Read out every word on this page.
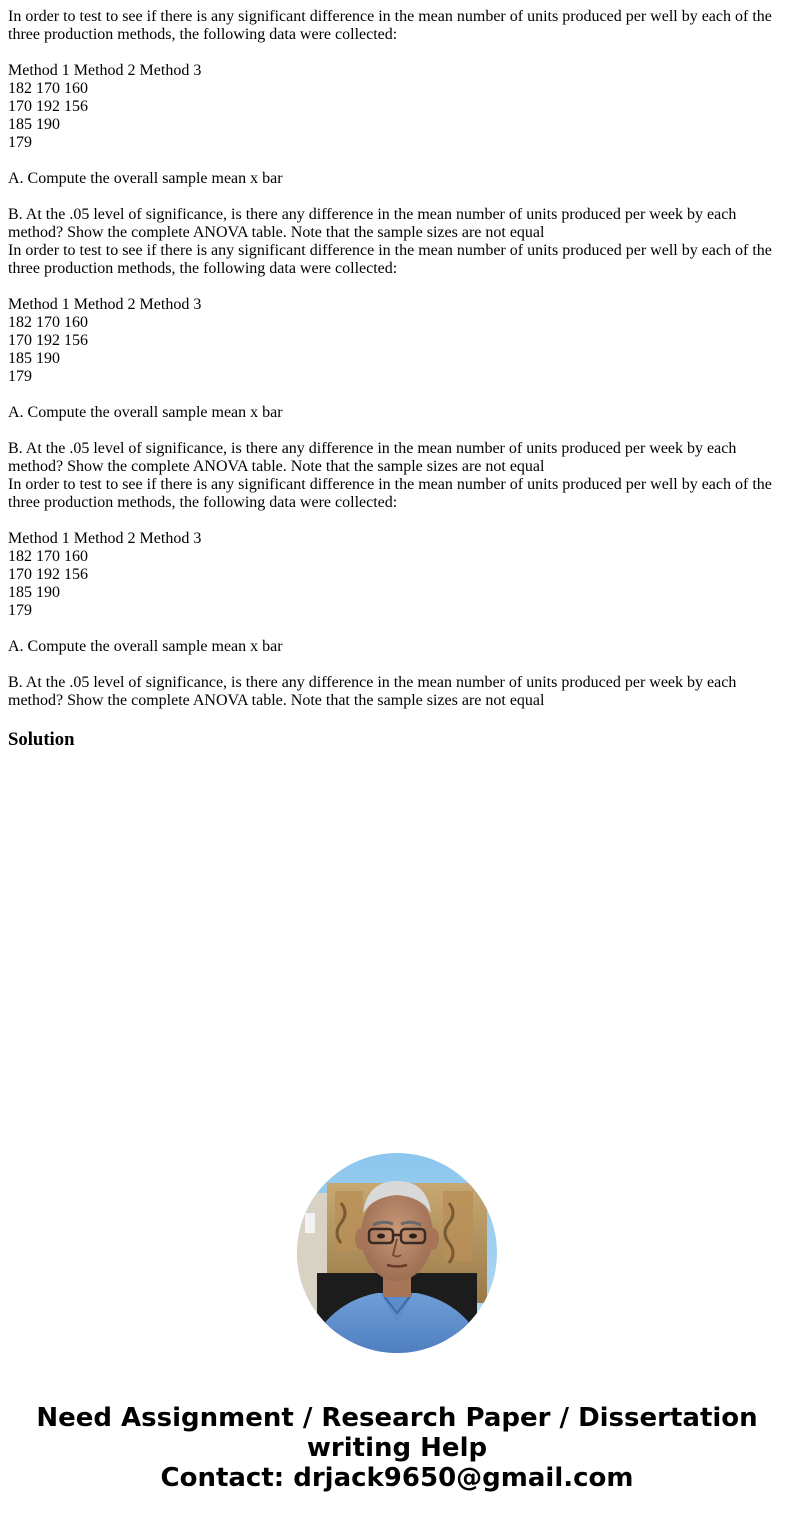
In order to test to see if there is any significant difference in the mean number of units produced per well by each of the three production methods, the following data were collected:

Method 1 Method 2 Method 3

182 170 160

170 192 156

185 190

179

A. Compute the overall sample mean x bar

B. At the .05 level of significance, is there any difference in the mean number of units produced per week by each method? Show the complete ANOVA table. Note that the sample sizes are not equal

In order to test to see if there is any significant difference in the mean number of units produced per well by each of the three production methods, the following data were collected:

Method 1 Method 2 Method 3

182 170 160

170 192 156

185 190

179

A. Compute the overall sample mean x bar

B. At the .05 level of significance, is there any difference in the mean number of units produced per week by each method? Show the complete ANOVA table. Note that the sample sizes are not equal

In order to test to see if there is any significant difference in the mean number of units produced per well by each of the three production methods, the following data were collected:

Method 1 Method 2 Method 3

182 170 160

170 192 156

185 190

179

A. Compute the overall sample mean x bar

B. At the .05 level of significance, is there any difference in the mean number of units produced per week by each method? Show the complete ANOVA table. Note that the sample sizes are not equal

Solution
Need Assignment / Research Paper / Dissertation
writing Help
Contact: drjack9650@gmail.com
